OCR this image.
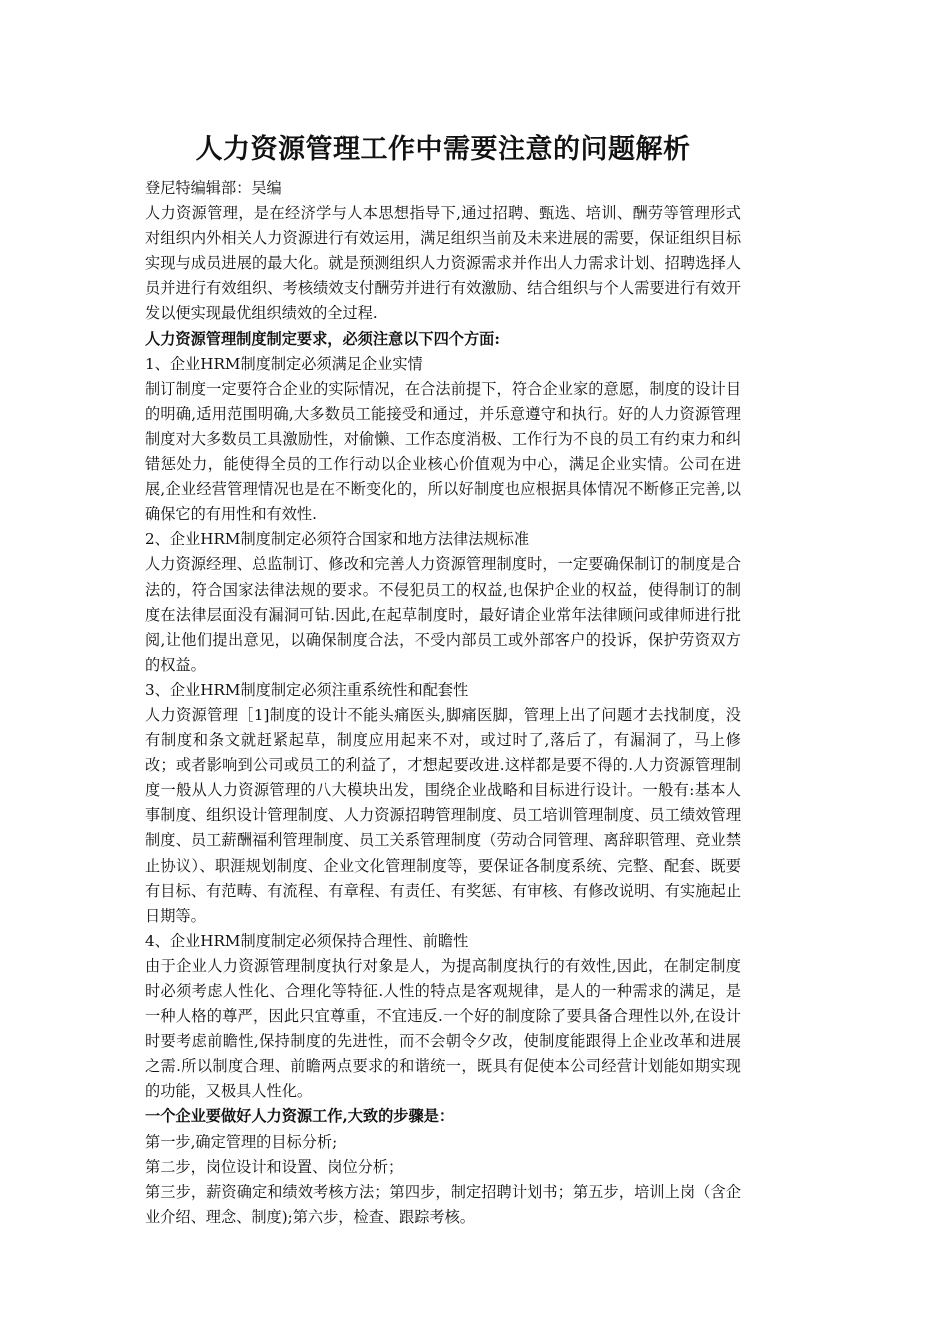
人力资源管理工作中需要注意的问题解析

登尼特编辑部：吴编

人力资源管理，是在经济学与人本思想指导下,通过招聘、甄选、培训、酬劳等管理形式对组织内外相关人力资源进行有效运用，满足组织当前及未来进展的需要，保证组织目标实现与成员进展的最大化。就是预测组织人力资源需求并作出人力需求计划、招聘选择人员并进行有效组织、考核绩效支付酬劳并进行有效激励、结合组织与个人需要进行有效开发以便实现最优组织绩效的全过程.

人力资源管理制度制定要求，必须注意以下四个方面:

1、企业HRM制度制定必须满足企业实情

制订制度一定要符合企业的实际情况，在合法前提下，符合企业家的意愿，制度的设计目的明确,适用范围明确,大多数员工能接受和通过，并乐意遵守和执行。好的人力资源管理制度对大多数员工具激励性，对偷懒、工作态度消极、工作行为不良的员工有约束力和纠错惩处力，能使得全员的工作行动以企业核心价值观为中心，满足企业实情。公司在进展,企业经营管理情况也是在不断变化的，所以好制度也应根据具体情况不断修正完善,以确保它的有用性和有效性.

2、企业HRM制度制定必须符合国家和地方法律法规标准

人力资源经理、总监制订、修改和完善人力资源管理制度时，一定要确保制订的制度是合法的，符合国家法律法规的要求。不侵犯员工的权益,也保护企业的权益，使得制订的制度在法律层面没有漏洞可钻.因此,在起草制度时，最好请企业常年法律顾问或律师进行批阅,让他们提出意见，以确保制度合法，不受内部员工或外部客户的投诉，保护劳资双方的权益。

3、企业HRM制度制定必须注重系统性和配套性

人力资源管理［1]制度的设计不能头痛医头,脚痛医脚，管理上出了问题才去找制度，没有制度和条文就赶紧起草，制度应用起来不对，或过时了,落后了，有漏洞了，马上修改；或者影响到公司或员工的利益了，才想起要改进.这样都是要不得的.人力资源管理制度一般从人力资源管理的八大模块出发，围绕企业战略和目标进行设计。一般有:基本人事制度、组织设计管理制度、人力资源招聘管理制度、员工培训管理制度、员工绩效管理制度、员工薪酬福利管理制度、员工关系管理制度（劳动合同管理、离辞职管理、竞业禁止协议）、职涯规划制度、企业文化管理制度等，要保证各制度系统、完整、配套、既要有目标、有范畴、有流程、有章程、有责任、有奖惩、有审核、有修改说明、有实施起止日期等。

4、企业HRM制度制定必须保持合理性、前瞻性

由于企业人力资源管理制度执行对象是人，为提高制度执行的有效性,因此，在制定制度时必须考虑人性化、合理化等特征.人性的特点是客观规律，是人的一种需求的满足，是一种人格的尊严，因此只宜尊重，不宜违反.一个好的制度除了要具备合理性以外,在设计时要考虑前瞻性,保持制度的先进性，而不会朝令夕改，使制度能跟得上企业改革和进展之需.所以制度合理、前瞻两点要求的和谐统一，既具有促使本公司经营计划能如期实现的功能，又极具人性化。

一个企业要做好人力资源工作,大致的步骤是：

第一步,确定管理的目标分析;

第二步，岗位设计和设置、岗位分析；

第三步，薪资确定和绩效考核方法；第四步，制定招聘计划书；第五步，培训上岗（含企业介绍、理念、制度);第六步，检查、跟踪考核。
